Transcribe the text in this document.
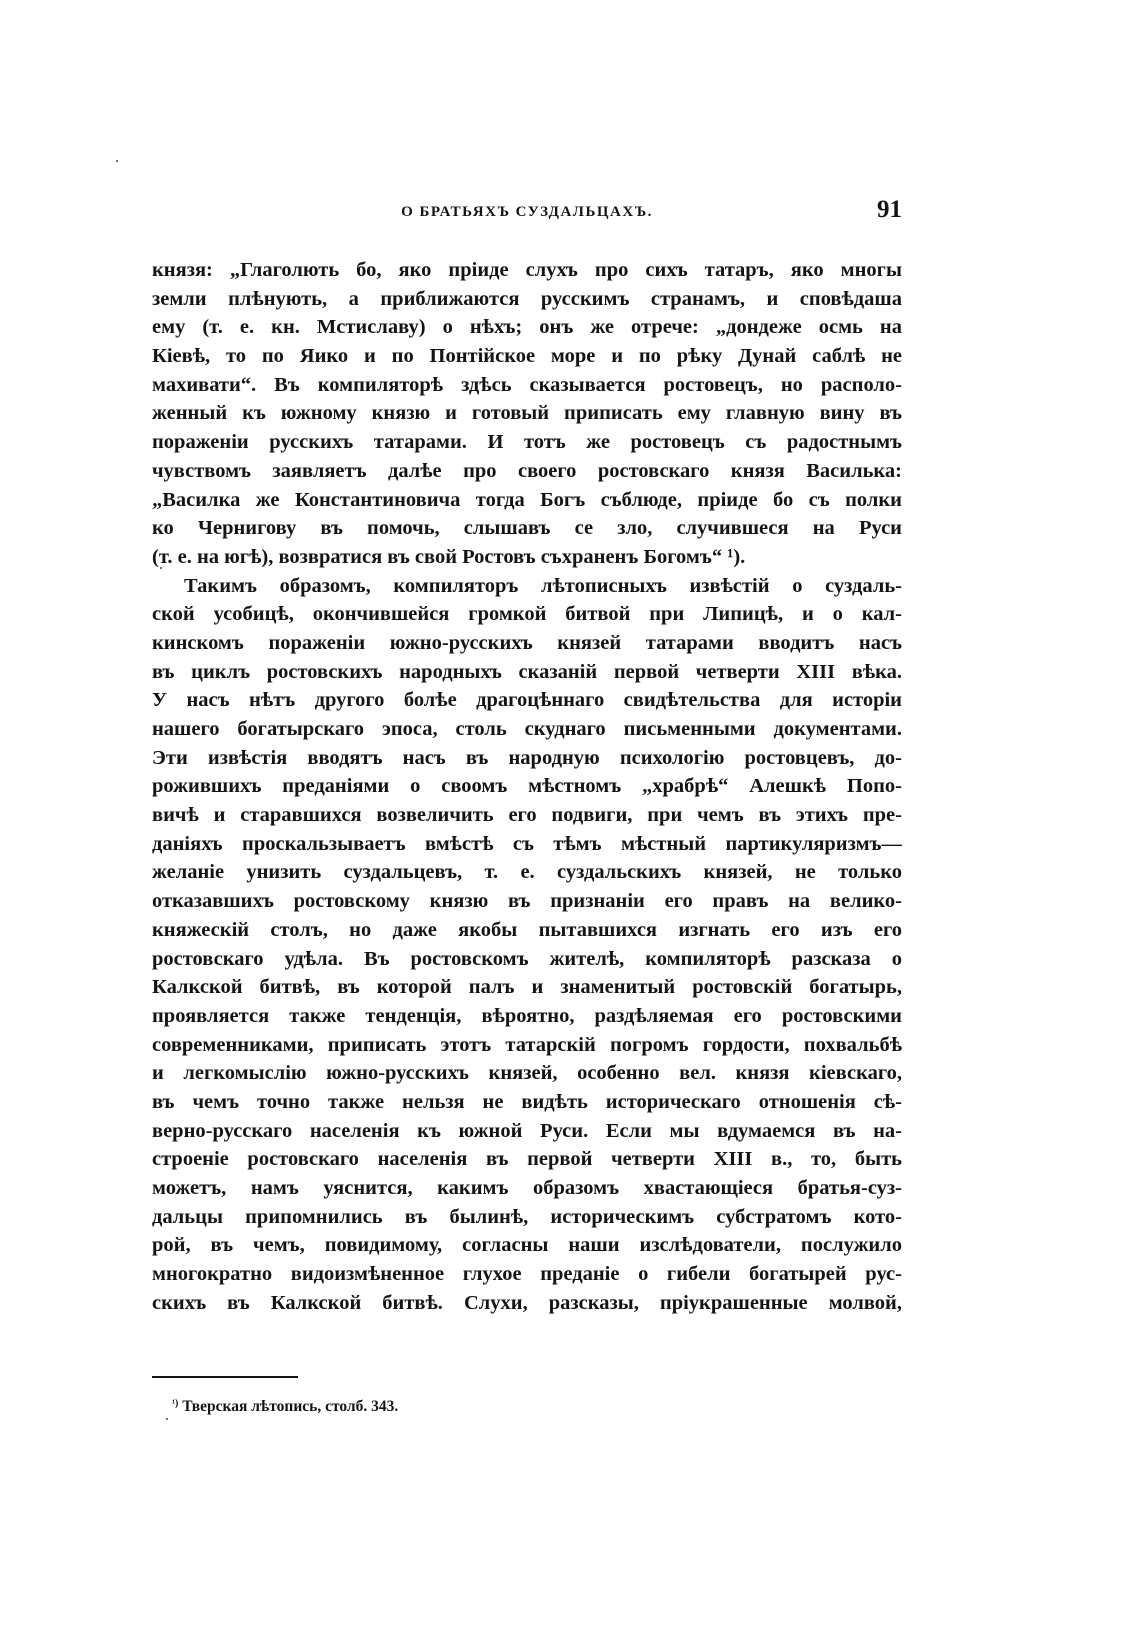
О БРАТЬЯХЪ СУЗДАЛЬЦАХЪ.	91
князя: „Глаголють бо, яко прiиде слухъ про сихъ татаръ, яко многы
земли плѣнують, а приближаются русскимъ странамъ, и сповѣдаша
ему (т. е. кн. Мстиславу) о нѣхъ; онъ же отрече: „дондеже осмь на
Кiевѣ, то по Яико и по Понтiйское море и по рѣку Дунай саблѣ не
махивати“. Въ компиляторѣ здѣсь сказывается ростовецъ, но располо-
женный къ южному князю и готовый приписать ему главную вину въ
пораженiи русскихъ татарами. И тотъ же ростовецъ съ радостнымъ
чувствомъ заявляетъ далѣе про своего ростовскаго князя Василька:
„Василка же Константиновича тогда Богъ съблюде, прiиде бо съ полки
ко Чернигову въ помочь, слышавъ се зло, случившеся на Руси
(т. е. на югѣ), возвратися въ свой Ростовъ съхраненъ Богомъ“ ¹).
Такимъ образомъ, компиляторъ лѣтописныхъ извѣстiй о суздаль-
ской усобицѣ, окончившейся громкой битвой при Липицѣ, и о кал-
кинскомъ пораженiи южно-русскихъ князей татарами вводитъ насъ
въ циклъ ростовскихъ народныхъ сказанiй первой четверти XIII вѣка.
У насъ нѣтъ другого болѣе драгоцѣннаго свидѣтельства для исторiи
нашего богатырскаго эпоса, столь скуднаго письменными документами.
Эти извѣстiя вводятъ насъ въ народную психологiю ростовцевъ, до-
рожившихъ преданiями о своомъ мѣстномъ „храбрѣ“ Алешкѣ Попо-
вичѣ и старавшихся возвеличить его подвиги, при чемъ въ этихъ пре-
данiяхъ проскальзываетъ вмѣстѣ съ тѣмъ мѣстный партикуляризмъ—
желанiе унизить суздальцевъ, т. е. суздальскихъ князей, не только
отказавшихъ ростовскому князю въ признанiи его правъ на велико-
княжескiй столъ, но даже якобы пытавшихся изгнать его изъ его
ростовскаго удѣла. Въ ростовскомъ жителѣ, компиляторѣ разсказа о
Калкской битвѣ, въ которой палъ и знаменитый ростовскiй богатырь,
проявляется также тенденцiя, вѣроятно, раздѣляемая его ростовскими
современниками, приписать этотъ татарскiй погромъ гордости, похвальбѣ
и легкомыслiю южно-русскихъ князей, особенно вел. князя кiевскаго,
въ чемъ точно также нельзя не видѣть историческаго отношенiя сѣ-
верно-русскаго населенiя къ южной Руси. Если мы вдумаемся въ на-
строенiе ростовскаго населенiя въ первой четверти XIII в., то, быть
можетъ, намъ уяснится, какимъ образомъ хвастающiеся братья-суз-
дальцы припомнились въ былинѣ, историческимъ субстратомъ кото-
рой, въ чемъ, повидимому, согласны наши изслѣдователи, послужило
многократно видоизмѣненное глухое преданiе о гибели богатырей рус-
скихъ въ Калкской битвѣ. Слухи, разсказы, прiукрашенные молвой,
$^{^1)}$ Тверская лѣтопись, столб. 343.
